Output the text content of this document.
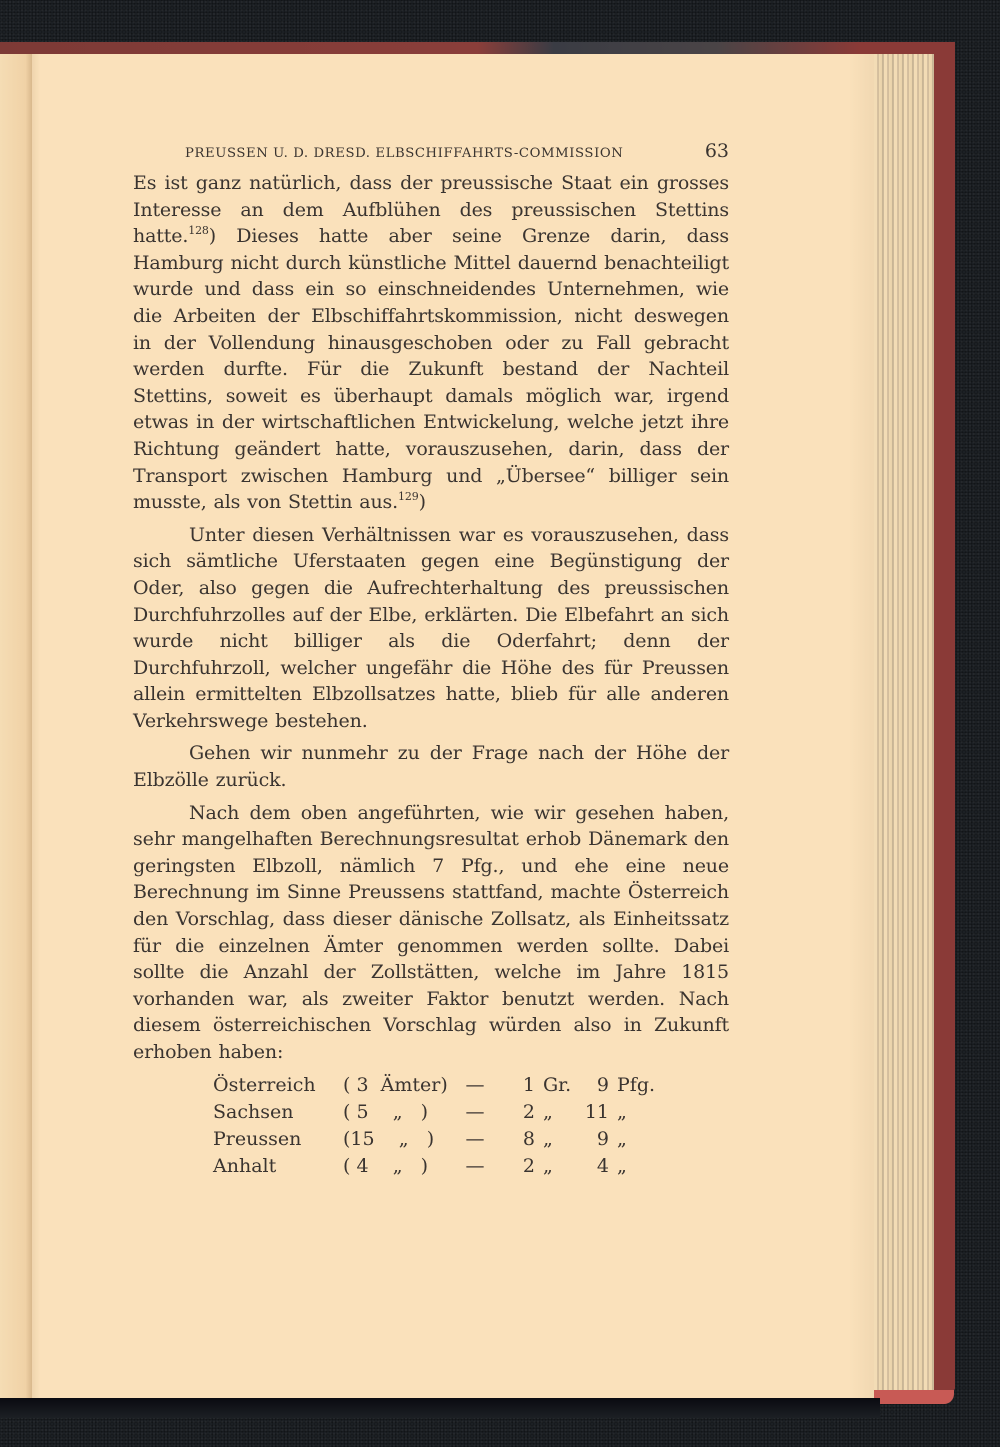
PREUSSEN U. D. DRESD. ELBSCHIFFAHRTS-COMMISSION	63

Es ist ganz natürlich, dass der preussische Staat ein grosses Interesse an dem Aufblühen des preussischen Stettins hatte.$^{128}$) Dieses hatte aber seine Grenze darin, dass Hamburg nicht durch künstliche Mittel dauernd benachteiligt wurde und dass ein so einschneidendes Unternehmen, wie die Arbeiten der Elbschiffahrtskommission, nicht deswegen in der Vollendung hinausgeschoben oder zu Fall gebracht werden durfte. Für die Zukunft bestand der Nachteil Stettins, soweit es überhaupt damals möglich war, irgend etwas in der wirtschaftlichen Entwickelung, welche jetzt ihre Richtung geändert hatte, vorauszusehen, darin, dass der Transport zwischen Hamburg und „Übersee“ billiger sein musste, als von Stettin aus.$^{129}$)

Unter diesen Verhältnissen war es vorauszusehen, dass sich sämtliche Uferstaaten gegen eine Begünstigung der Oder, also gegen die Aufrechterhaltung des preussischen Durchfuhrzolles auf der Elbe, erklärten. Die Elbefahrt an sich wurde nicht billiger als die Oderfahrt; denn der Durchfuhrzoll, welcher ungefähr die Höhe des für Preussen allein ermittelten Elbzollsatzes hatte, blieb für alle anderen Verkehrswege bestehen.

Gehen wir nunmehr zu der Frage nach der Höhe der Elbzölle zurück.

Nach dem oben angeführten, wie wir gesehen haben, sehr mangelhaften Berechnungsresultat erhob Dänemark den geringsten Elbzoll, nämlich 7 Pfg., und ehe eine neue Berechnung im Sinne Preussens stattfand, machte Österreich den Vorschlag, dass dieser dänische Zollsatz, als Einheitssatz für die einzelnen Ämter genommen werden sollte. Dabei sollte die Anzahl der Zollstätten, welche im Jahre 1815 vorhanden war, als zweiter Faktor benutzt werden. Nach diesem österreichischen Vorschlag würden also in Zukunft erhoben haben:

Österreich	( 3  Ämter)	—	1	Gr.	9	Pfg.
Sachsen	( 5    „   )	—	2	„	11	„
Preussen	(15    „   )	—	8	„	9	„
Anhalt	( 4    „   )	—	2	„	4	„
